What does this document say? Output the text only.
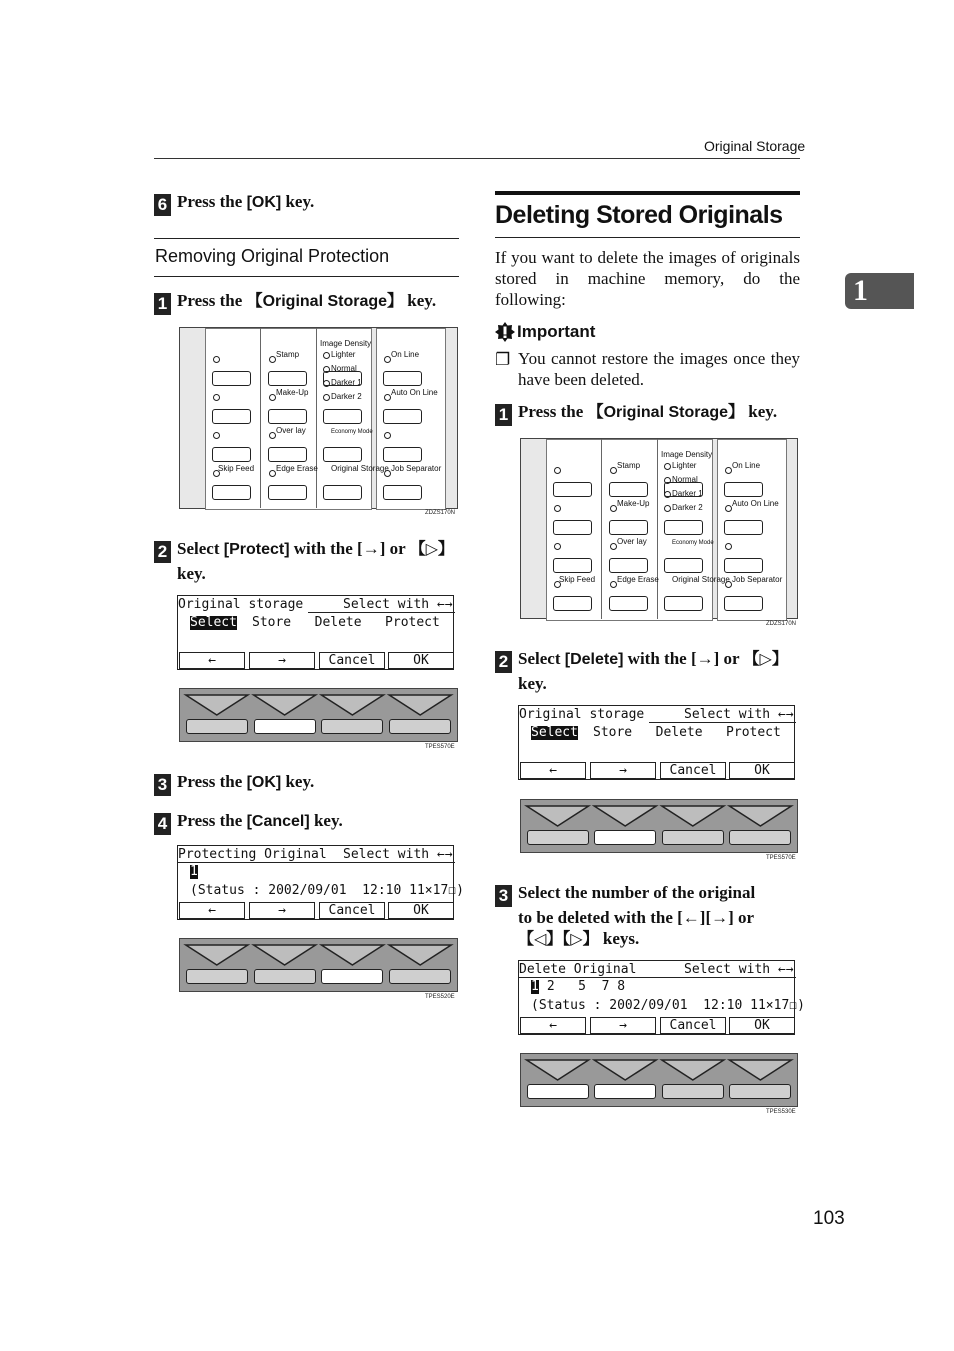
Original Storage
1
103
6 Press the [OK] key.
Removing Original Protection
1 Press the 【Original Storage】 key.
Skip Feed
Stamp
Make-Up
Over lay
Edge Erase Original Storage
On Line
Auto On Line
Job Separator
Image Density
Lighter
Normal
Darker 1
Darker 2
Economy Mode
ZDZS170N
2 Select [Protect] with the [→] or 【▷】
key.
Original storage	Select with ←→
Select Store   Delete   Protect
←	→	Cancel	OK
TPES570E
3 Press the [OK] key.
4 Press the [Cancel] key.
Protecting Original Select with ←→
1
(Status : 2002/09/01  12:10 11×17☐)
←	→	Cancel	OK
TPES520E
Deleting Stored Originals
If you want to delete the images of originals stored in machine memory, do the following:
Important
❐ You cannot restore the images once they have been deleted.
1 Press the 【Original Storage】 key.
Skip Feed
Stamp
Make-Up
Over lay
Edge Erase Original Storage
On Line
Auto On Line
Job Separator
Image Density
Lighter
Normal
Darker 1
Darker 2
Economy Mode
ZDZS170N
2 Select [Delete] with the [→] or 【▷】
key.
Original storage	Select with ←→
Select Store   Delete   Protect
←	→	Cancel	OK
TPES570E
3 Select the number of the original
to be deleted with the [←][→] or
【◁】【▷】 keys.
Delete Original	Select with ←→
1 2   5  7 8
(Status : 2002/09/01  12:10 11×17☐)
←	→	Cancel	OK
TPES530E
